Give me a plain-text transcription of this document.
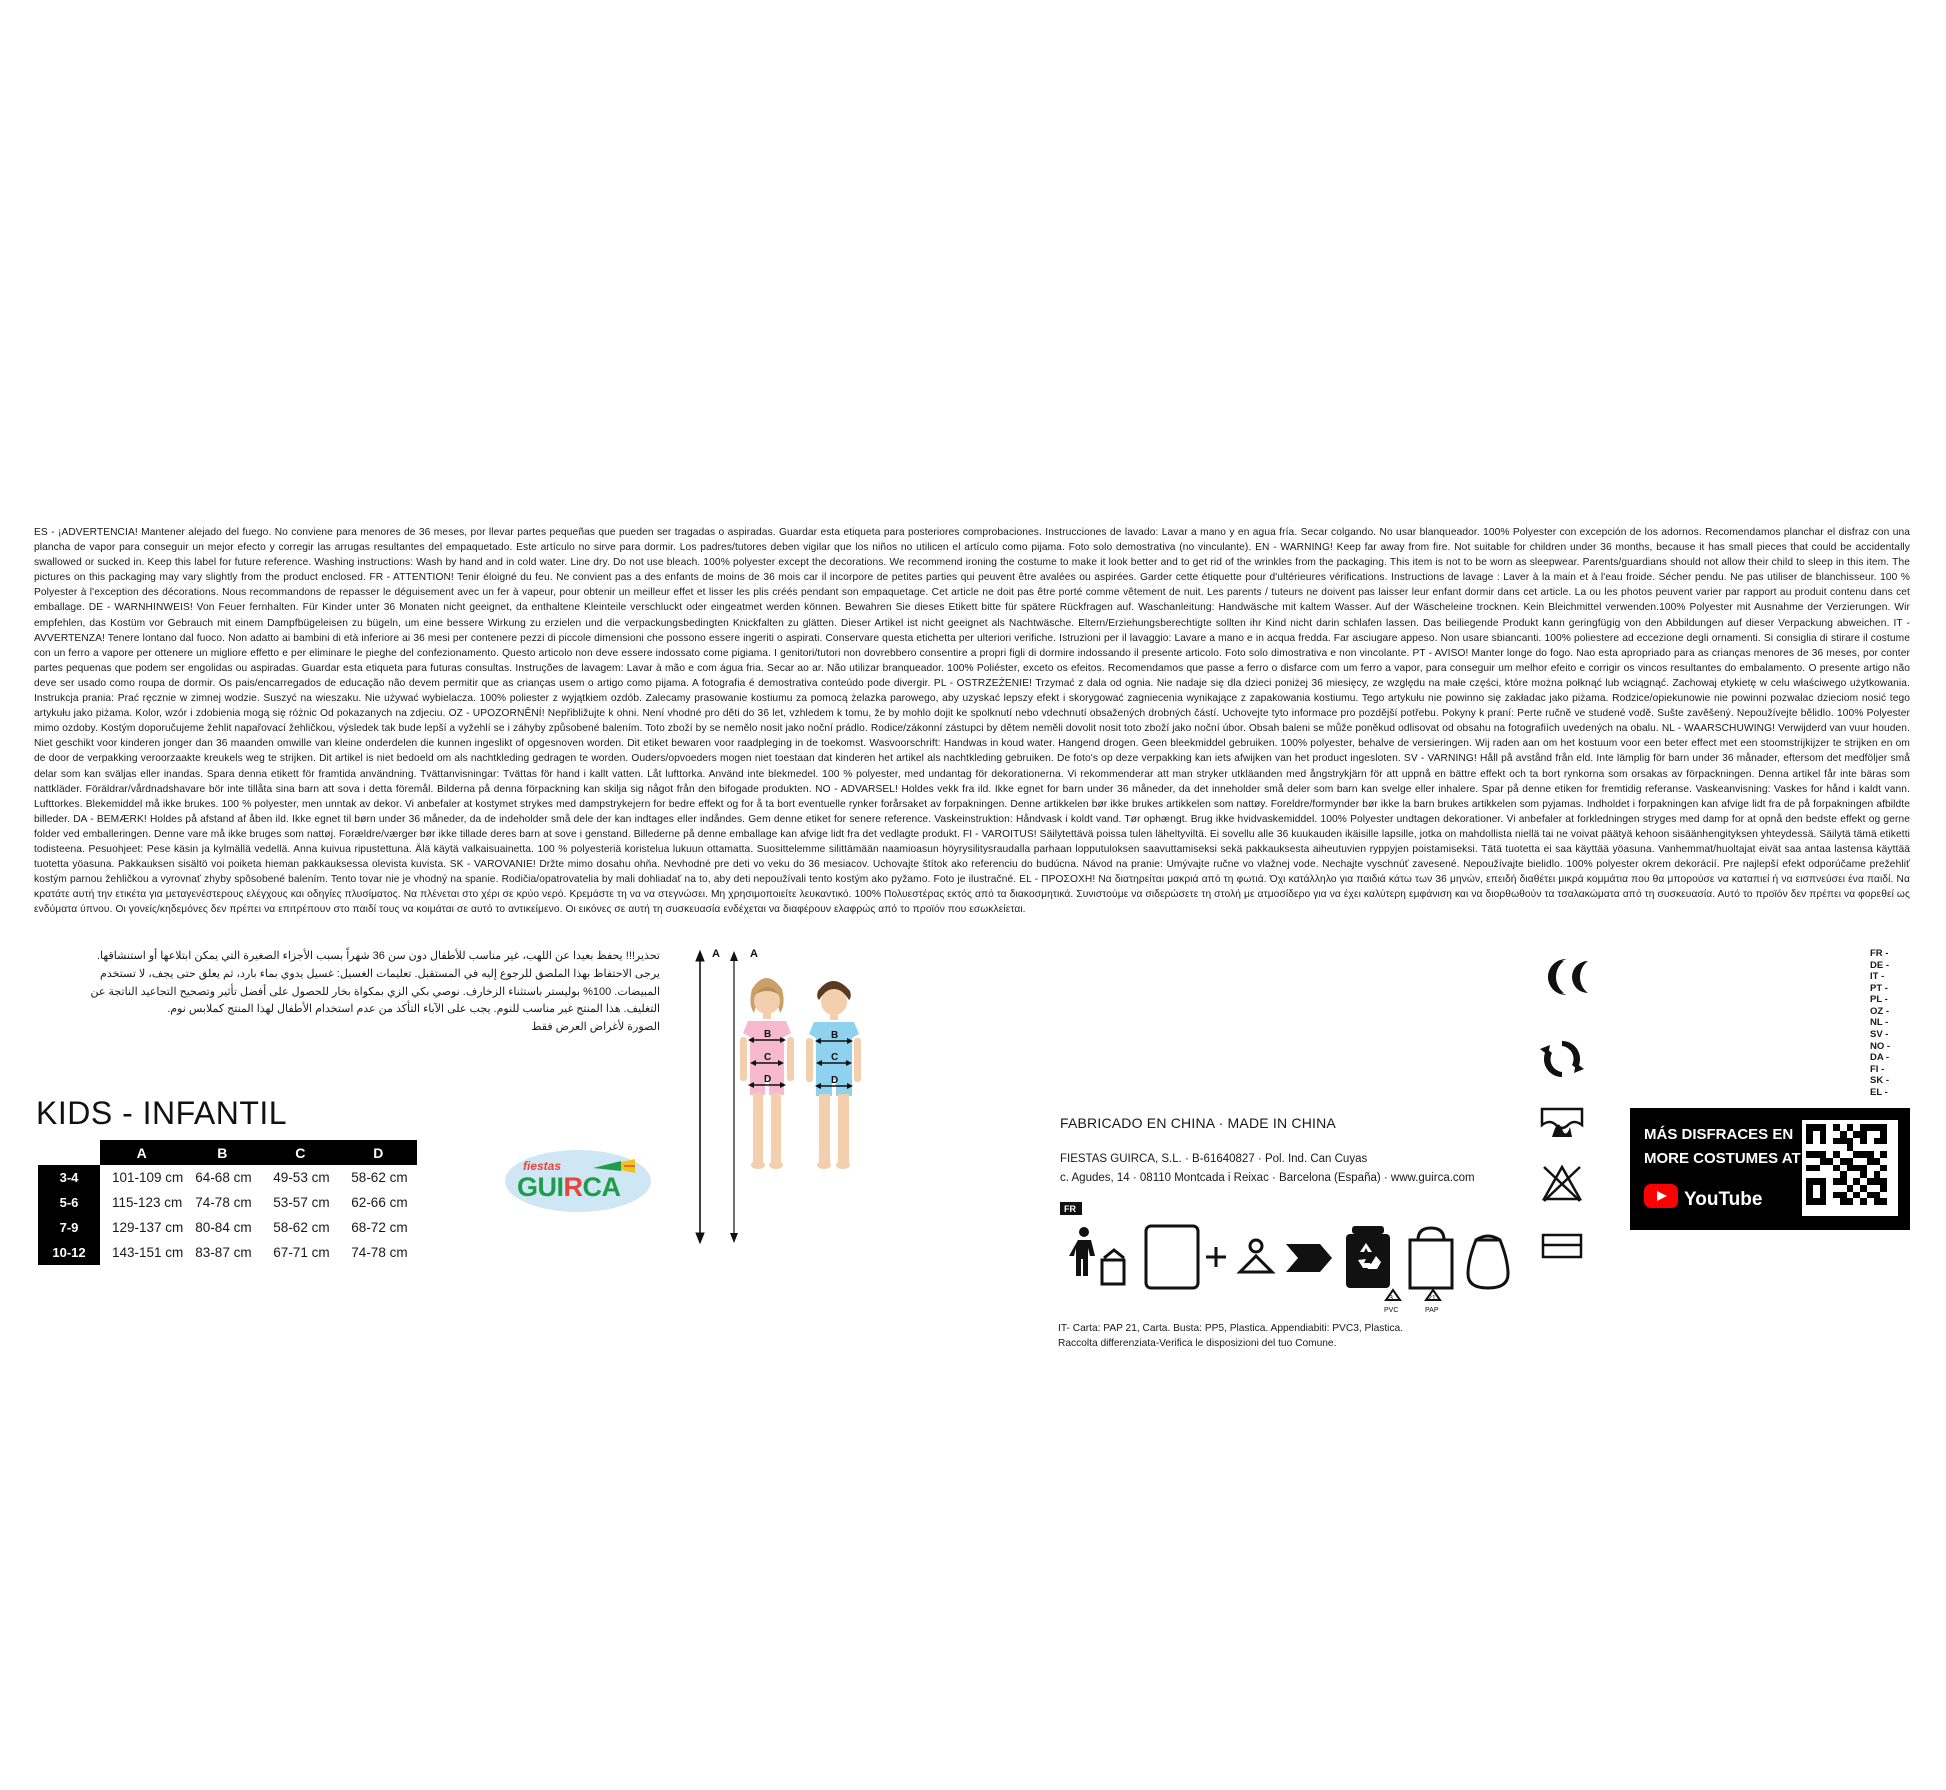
ES - ¡ADVERTENCIA! Mantener alejado del fuego. No conviene para menores de 36 meses, por llevar partes pequeñas que pueden ser tragadas o aspiradas. Guardar esta etiqueta para posteriores comprobaciones. Instrucciones de lavado: Lavar a mano y en agua fría. Secar colgando. No usar blanqueador. 100% Polyester con excepción de los adornos. Recomendamos planchar el disfraz con una plancha de vapor para conseguir un mejor efecto y corregir las arrugas resultantes del empaquetado. Este artículo no sirve para dormir. Los padres/tutores deben vigilar que los niños no utilicen el artículo como pijama. Foto solo demostrativa (no vinculante). EN - WARNING! Keep far away from fire. Not suitable for children under 36 months, because it has small pieces that could be accidentally swallowed or sucked in. Keep this label for future reference. Washing instructions: Wash by hand and in cold water. Line dry. Do not use bleach. 100% polyester except the decorations. We recommend ironing the costume to make it look better and to get rid of the wrinkles from the packaging. This item is not to be worn as sleepwear. Parents/guardians should not allow their child to sleep in this item. The pictures on this packaging may vary slightly from the product enclosed. FR - ATTENTION! Tenir éloigné du feu. Ne convient pas a des enfants de moins de 36 mois car il incorpore de petites parties qui peuvent être avalées ou aspirées. Garder cette étiquette pour d'ultérieures vérifications. Instructions de lavage : Laver à la main et à l'eau froide. Sécher pendu. Ne pas utiliser de blanchisseur. 100 % Polyester à l'exception des décorations. Nous recommandons de repasser le déguisement avec un fer à vapeur, pour obtenir un meilleur effet et lisser les plis créés pendant son empaquetage. Cet article ne doit pas être porté comme vêtement de nuit. Les parents / tuteurs ne doivent pas laisser leur enfant dormir dans cet article. La ou les photos peuvent varier par rapport au produit contenu dans cet emballage. DE - WARNHINWEIS! Von Feuer fernhalten. Für Kinder unter 36 Monaten nicht geeignet, da enthaltene Kleinteile verschluckt oder eingeatmet werden können. Bewahren Sie dieses Etikett bitte für spätere Rückfragen auf. Waschanleitung: Handwäsche mit kaltem Wasser. Auf der Wäscheleine trocknen. Kein Bleichmittel verwenden.100% Polyester mit Ausnahme der Verzierungen. Wir empfehlen, das Kostüm vor Gebrauch mit einem Dampfbügeleisen zu bügeln, um eine bessere Wirkung zu erzielen und die verpackungsbedingten Knickfalten zu glätten. Dieser Artikel ist nicht geeignet als Nachtwäsche. Eltern/Erziehungsberechtigte sollten ihr Kind nicht darin schlafen lassen. Das beiliegende Produkt kann geringfügig von den Abbildungen auf dieser Verpackung abweichen. IT - AVVERTENZA! Tenere lontano dal fuoco. Non adatto ai bambini di età inferiore ai 36 mesi per contenere pezzi di piccole dimensioni che possono essere ingeriti o aspirati. Conservare questa etichetta per ulteriori verifiche. Istruzioni per il lavaggio: Lavare a mano e in acqua fredda. Far asciugare appeso. Non usare sbiancanti. 100% poliestere ad eccezione degli ornamenti. Si consiglia di stirare il costume con un ferro a vapore per ottenere un migliore effetto e per eliminare le pieghe del confezionamento. Questo articolo non deve essere indossato come pigiama. I genitori/tutori non dovrebbero consentire a propri figli di dormire indossando il presente articolo. Foto solo dimostrativa e non vincolante. PT - AVISO! Manter longe do fogo. Nao esta apropriado para as crianças menores de 36 meses, por conter partes pequenas que podem ser engolidas ou aspiradas. Guardar esta etiqueta para futuras consultas. Instruções de lavagem: Lavar à mão e com água fria. Secar ao ar. Não utilizar branqueador. 100% Poliéster, exceto os efeitos. Recomendamos que passe a ferro o disfarce com um ferro a vapor, para conseguir um melhor efeito e corrigir os vincos resultantes do embalamento. O presente artigo não deve ser usado como roupa de dormir. Os pais/encarregados de educação não devem permitir que as crianças usem o artigo como pijama. A fotografia é demostrativa conteúdo pode divergir. PL - OSTRZEŻENIE! Trzymać z dala od ognia. Nie nadaje się dla dzieci poniżej 36 miesięcy, ze względu na małe części, które można połknąć lub wciągnąć. Zachowaj etykietę w celu właściwego użytkowania. Instrukcja prania: Prać ręcznie w zimnej wodzie. Suszyć na wieszaku. Nie używać wybielacza. 100% poliester z wyjątkiem ozdób. Zalecamy prasowanie kostiumu za pomocą żelazka parowego, aby uzyskać lepszy efekt i skorygować zagniecenia wynikające z zapakowania kostiumu. Tego artykułu nie powinno się zakładac jako piżama. Rodzice/opiekunowie nie powinni pozwalac dzieciom nosić tego artykułu jako piżama. Kolor, wzór i zdobienia mogą się różnic Od pokazanych na zdjeciu. OZ - UPOZORNĚNÍ! Nepřibližujte k ohni. Není vhodné pro děti do 36 let, vzhledem k tomu, že by mohlo dojit ke spolknutí nebo vdechnutí obsažených drobných částí. Uchovejte tyto informace pro pozdější potřebu. Pokyny k praní: Perte ručně ve studené vodě. Sušte zavěšený. Nepoužívejte bělidlo. 100% Polyester mimo ozdoby. Kostým doporučujeme žehlit napařovací žehličkou, výsledek tak bude lepší a vyžehlí se i záhyby způsobené balením. Toto zboží by se nemělo nosit jako noční prádlo. Rodice/zákonní zástupci by dětem neměli dovolit nosit toto zboží jako noční úbor. Obsah baleni se může poněkud odlisovat od obsahu na fotografiích uvedených na obalu. NL - WAARSCHUWING! Verwijderd van vuur houden. Niet geschikt voor kinderen jonger dan 36 maanden omwille van kleine onderdelen die kunnen ingeslikt of opgesnoven worden. Dit etiket bewaren voor raadpleging in de toekomst. Wasvoorschrift: Handwas in koud water. Hangend drogen. Geen bleekmiddel gebruiken. 100% polyester, behalve de versieringen. Wij raden aan om het kostuum voor een beter effect met een stoomstrijkijzer te strijken en om de door de verpakking veroorzaakte kreukels weg te strijken. Dit artikel is niet bedoeld om als nachtkleding gedragen te worden. Ouders/opvoeders mogen niet toestaan dat kinderen het artikel als nachtkleding gebruiken. De foto's op deze verpakking kan iets afwijken van het product ingesloten. SV - VARNING! Håll på avstånd från eld. Inte lämplig för barn under 36 månader, eftersom det medföljer små delar som kan sväljas eller inandas. Spara denna etikett för framtida användning. Tvättanvisningar: Tvättas för hand i kallt vatten. Låt lufttorka. Använd inte blekmedel. 100 % polyester, med undantag för dekorationerna. Vi rekommenderar att man stryker utkläanden med ångstrykjärn för att uppnå en bättre effekt och ta bort rynkorna som orsakas av förpackningen. Denna artikel får inte bäras som nattkläder. Föräldrar/vårdnadshavare bör inte tillåta sina barn att sova i detta föremål. Bilderna på denna förpackning kan skilja sig något från den bifogade produkten. NO - ADVARSEL! Holdes vekk fra ild. Ikke egnet for barn under 36 måneder, da det inneholder små deler som barn kan svelge eller inhalere. Spar på denne etiken for fremtidig referanse. Vaskeanvisning: Vaskes for hånd i kaldt vann. Lufttorkes. Blekemiddel må ikke brukes. 100 % polyester, men unntak av dekor. Vi anbefaler at kostymet strykes med dampstrykejern for bedre effekt og for å ta bort eventuelle rynker forårsaket av forpakningen. Denne artikkelen bør ikke brukes artikkelen som nattøy. Foreldre/formynder bør ikke la barn brukes artikkelen som pyjamas. Indholdet i forpakningen kan afvige lidt fra de på forpakningen afbildte billeder. DA - BEMÆRK! Holdes på afstand af åben ild. Ikke egnet til børn under 36 måneder, da de indeholder små dele der kan indtages eller indåndes. Gem denne etiket for senere reference. Vaskeinstruktion: Håndvask i koldt vand. Tør ophængt. Brug ikke hvidvaskemiddel. 100% Polyester undtagen dekorationer. Vi anbefaler at forkledningen stryges med damp for at opnå den bedste effekt og gerne folder ved emballeringen. Denne vare må ikke bruges som nattøj. Forældre/værger bør ikke tillade deres barn at sove i genstand. Billederne på denne emballage kan afvige lidt fra det vedlagte produkt. FI - VAROITUS! Säilytettävä poissa tulen läheltyviltä. Ei sovellu alle 36 kuukauden ikäisille lapsille, jotka on mahdollista niellä tai ne voivat päätyä kehoon sisäänhengityksen yhteydessä. Säilytä tämä etiketti todisteena. Pesuohjeet: Pese käsin ja kylmällä vedellä. Anna kuivua ripustettuna. Älä käytä valkaisuainetta. 100 % polyesteriä koristelua lukuun ottamatta. Suosittelemme silittämään naamioasun höyrysilitysraudalla parhaan lopputuloksen saavuttamiseksi sekä pakkauksesta aiheutuvien ryppyjen poistamiseksi. Tätä tuotetta ei saa käyttää yöasuna. Vanhemmat/huoltajat eivät saa antaa lastensa käyttää tuotetta yöasuna. Pakkauksen sisältö voi poiketa hieman pakkauksessa olevista kuvista. SK - VAROVANIE! Držte mimo dosahu ohňa. Nevhodné pre deti vo veku do 36 mesiacov. Uchovajte štítok ako referenciu do budúcna. Návod na pranie: Umývajte ručne vo vlažnej vode. Nechajte vyschnúť zavesené. Nepoužívajte bielidlo. 100% polyester okrem dekorácií. Pre najlepší efekt odporúčame prežehliť kostým parnou žehličkou a vyrovnať zhyby spôsobené balením. Tento tovar nie je vhodný na spanie. Rodičia/opatrovatelia by mali dohliadať na to, aby deti nepoužívali tento kostým ako pyžamo. Foto je ilustračné. EL - ΠΡΟΣΟΧΗ! Να διατηρείται μακριά από τη φωτιά. Όχι κατάλληλο για παιδιά κάτω των 36 μηνών, επειδή διαθέτει μικρά κομμάτια που θα μπορούσε να καταπιεί ή να εισπνεύσει ένα παιδί. Να κρατάτε αυτή την ετικέτα για μεταγενέστερους ελέγχους και οδηγίες πλυσίματος. Να πλένεται στο χέρι σε κρύο νερό. Κρεμάστε τη να να στεγνώσει. Μη χρησιμοποιείτε λευκαντικό. 100% Πολυεστέρας εκτός από τα διακοσμητικά. Συνιστούμε να σιδερώσετε τη στολή με ατμοσίδερο για να έχει καλύτερη εμφάνιση και να διορθωθούν τα τσαλακώματα από τη συσκευασία. Αυτό το προϊόν δεν πρέπει να φορεθεί ως ενδύματα ύπνου. Οι γονείς/κηδεμόνες δεν πρέπει να επιτρέπουν στο παιδί τους να κοιμάται σε αυτό το αντικείμενο. Οι εικόνες σε αυτή τη συσκευασία ενδέχεται να διαφέρουν ελαφρώς από το προϊόν που εσωκλείεται.

تحذير!!! يحفظ بعيدا عن اللهب، غير مناسب للأطفال دون سن 36 شهراً بسبب الأجزاء الصغيرة التي يمكن ابتلاعها أو استنشاقها.
يرجى الاحتفاظ بهذا الملصق للرجوع إليه في المستقبل. تعليمات الغسيل: غسيل يدوي بماء بارد، ثم يعلق حتى يجف، لا تستخدم
المبيضات. 100% بوليستر باستثناء الزخارف. نوصي بكي الزي بمكواة بخار للحصول على أفضل تأثير وتصحيح التجاعيد الناتجة عن
التغليف. هذا المنتج غير مناسب للنوم. يجب على الآباء التأكد من عدم استخدام الأطفال لهذا المنتج كملابس نوم.
الصورة لأغراض العرض فقط
KIDS - INFANTIL
	A	B	C	D
3-4	101-109 cm	64-68 cm	49-53 cm	58-62 cm
5-6	115-123 cm	74-78 cm	53-57 cm	62-66 cm
7-9	129-137 cm	80-84 cm	58-62 cm	68-72 cm
10-12	143-151 cm	83-87 cm	67-71 cm	74-78 cm
fiestas
GUIRCA
A	A
B
C
D
B
C
D
FABRICADO EN CHINA · MADE IN CHINA
FIESTAS GUIRCA, S.L. · B-61640827 · Pol. Ind. Can Cuyas
c. Agudes, 14 · 08110 Montcada i Reixac · Barcelona (España) · www.guirca.com
FR
3
PVC
21
PAP
IT- Carta: PAP 21, Carta. Busta: PP5, Plastica. Appendiabiti: PVC3, Plastica.
Raccolta differenziata-Verifica le disposizioni del tuo Comune.

FR -
DE -
IT -
PT -
PL -
OZ -
NL -
SV -
NO -
DA -
FI -
SK -
EL -
MÁS DISFRACES EN
MORE COSTUMES AT
YouTube
